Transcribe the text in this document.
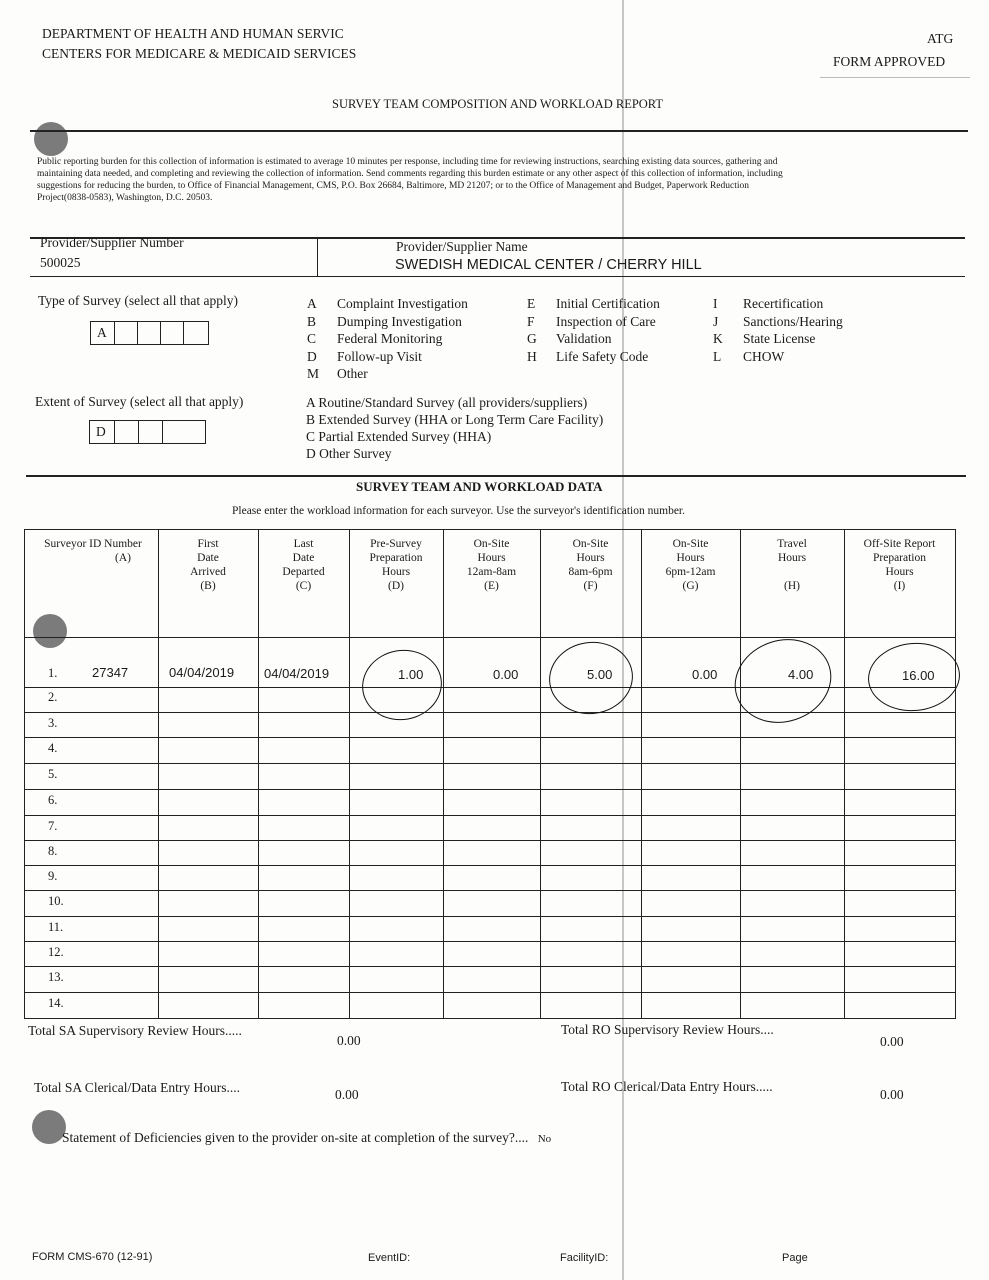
DEPARTMENT OF HEALTH AND HUMAN SERVIC
CENTERS FOR MEDICARE & MEDICAID SERVICES
ATG
FORM APPROVED
SURVEY TEAM COMPOSITION AND WORKLOAD REPORT
Public reporting burden for this collection of information is estimated to average 10 minutes per response, including time for reviewing instructions, searching existing data sources, gathering and
maintaining data needed, and completing and reviewing the collection of information. Send comments regarding this burden estimate or any other aspect of this collection of information, including
suggestions for reducing the burden, to Office of Financial Management, CMS, P.O. Box 26684, Baltimore, MD 21207; or to the Office of Management and Budget, Paperwork Reduction
Project(0838-0583), Washington, D.C. 20503.
Provider/Supplier Number
500025
Provider/Supplier Name
SWEDISH MEDICAL CENTER / CHERRY HILL
Type of Survey (select all that apply)
A
A Complaint Investigation
B Dumping Investigation
C Federal Monitoring
D Follow-up Visit
M Other
E Initial Certification
F Inspection of Care
G Validation
H Life Safety Code
I Recertification
J Sanctions/Hearing
K State License
L CHOW
Extent of Survey (select all that apply)
D
A Routine/Standard Survey (all providers/suppliers)
B Extended Survey (HHA or Long Term Care Facility)
C Partial Extended Survey (HHA)
D Other Survey
SURVEY TEAM AND WORKLOAD DATA
Please enter the workload information for each surveyor. Use the surveyor's identification number.
Surveyor ID Number
(A)
First
Date
Arrived
(B)
Last
Date
Departed
(C)
Pre-Survey
Preparation
Hours
(D)
On-Site
Hours
12am-8am
(E)
On-Site
Hours
8am-6pm
(F)
On-Site
Hours
6pm-12am
(G)
Travel
Hours
(H)
Off-Site Report
Preparation
Hours
(I)
1.	27347	04/04/2019 04/04/2019	1.00	0.00	5.00	0.00	4.00	16.00
2.
3.
4.
5.
6.
7.
8.
9.
10.
11.
12.
13.
14.
Total SA Supervisory Review Hours.....
0.00
Total RO Supervisory Review Hours....
0.00
Total SA Clerical/Data Entry Hours....	0.00
Total RO Clerical/Data Entry Hours.....
0.00
Statement of Deficiencies given to the provider on-site at completion of the survey?.... No
FORM CMS-670 (12-91)	EventID:	FacilityID:	Page
